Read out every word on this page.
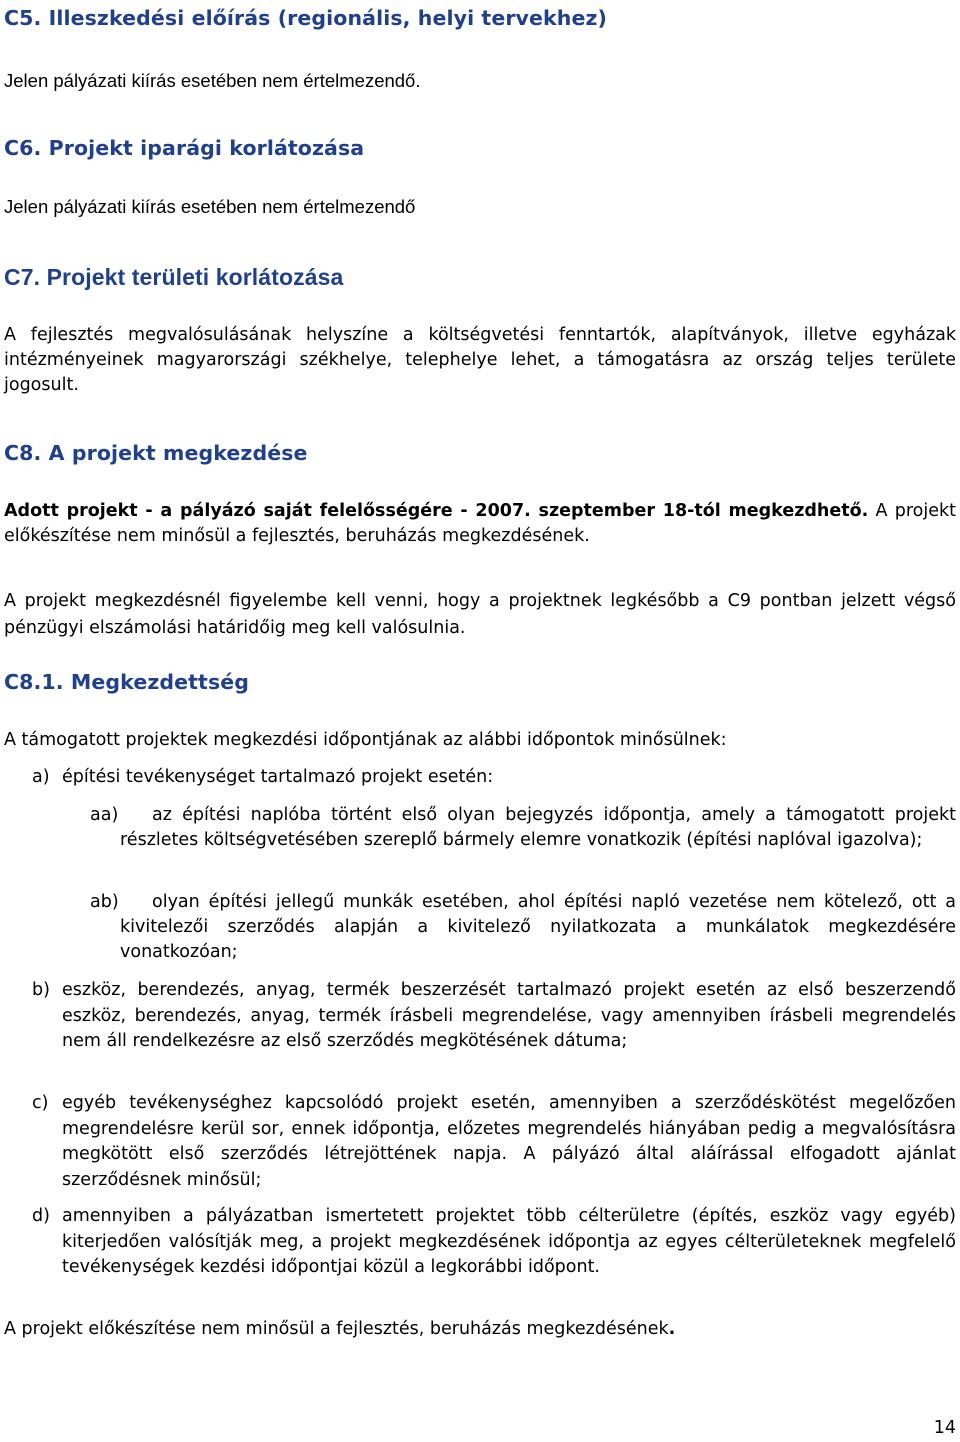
C5. Illeszkedési előírás (regionális, helyi tervekhez)

Jelen pályázati kiírás esetében nem értelmezendő.

C6. Projekt iparági korlátozása

Jelen pályázati kiírás esetében nem értelmezendő

C7. Projekt területi korlátozása

A fejlesztés megvalósulásának helyszíne a költségvetési fenntartók, alapítványok, illetve egyházak intézményeinek magyarországi székhelye, telephelye lehet, a támogatásra az ország teljes területe jogosult.

C8. A projekt megkezdése

Adott projekt - a pályázó saját felelősségére - 2007. szeptember 18-tól megkezdhető. A projekt előkészítése nem minősül a fejlesztés, beruházás megkezdésének.

A projekt megkezdésnél figyelembe kell venni, hogy a projektnek legkésőbb a C9 pontban jelzett végső pénzügyi elszámolási határidőig meg kell valósulnia.

C8.1. Megkezdettség

A támogatott projektek megkezdési időpontjának az alábbi időpontok minősülnek:

a) építési tevékenységet tartalmazó projekt esetén:

aa)	az építési naplóba történt első olyan bejegyzés időpontja, amely a támogatott projekt részletes költségvetésében szereplő bármely elemre vonatkozik (építési naplóval igazolva);

ab)	olyan építési jellegű munkák esetében, ahol építési napló vezetése nem kötelező, ott a kivitelezői szerződés alapján a kivitelező nyilatkozata a munkálatok megkezdésére vonatkozóan;

b) eszköz, berendezés, anyag, termék beszerzését tartalmazó projekt esetén az első beszerzendő eszköz, berendezés, anyag, termék írásbeli megrendelése, vagy amennyiben írásbeli megrendelés nem áll rendelkezésre az első szerződés megkötésének dátuma;

c) egyéb tevékenységhez kapcsolódó projekt esetén, amennyiben a szerződéskötést megelőzően megrendelésre kerül sor, ennek időpontja, előzetes megrendelés hiányában pedig a megvalósításra megkötött első szerződés létrejöttének napja. A pályázó által aláírással elfogadott ajánlat szerződésnek minősül;

d) amennyiben a pályázatban ismertetett projektet több célterületre (építés, eszköz vagy egyéb) kiterjedően valósítják meg, a projekt megkezdésének időpontja az egyes célterületeknek megfelelő tevékenységek kezdési időpontjai közül a legkorábbi időpont.

A projekt előkészítése nem minősül a fejlesztés, beruházás megkezdésének.

14
